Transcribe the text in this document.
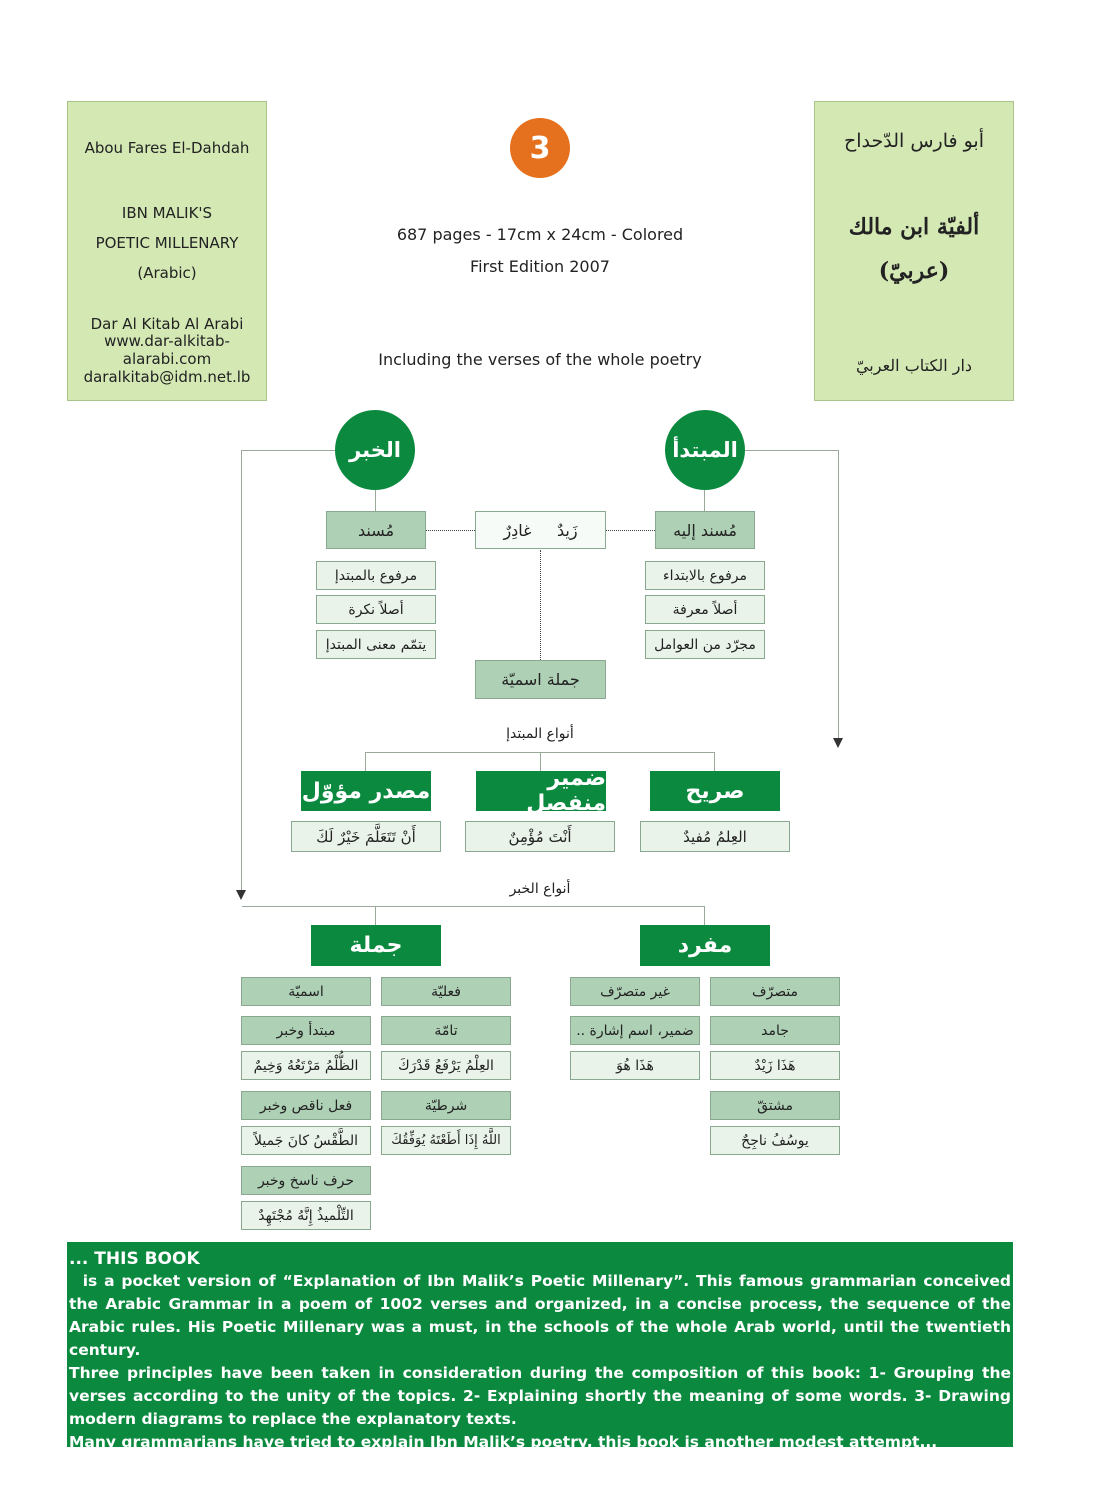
Abou Fares El-Dahdah
IBN MALIK'S
POETIC MILLENARY
(Arabic)
Dar Al Kitab Al Arabi
www.dar-alkitab-
alarabi.com
daralkitab@idm.net.lb
أبو فارس الدّحداح
ألفيّة ابن مالك
(عربيّ)
دار الكتاب العربيّ
3
687 pages - 17cm x 24cm - Colored
First Edition 2007
Including the verses of the whole poetry
الخبر	المبتدأ
مُسند	زَيدٌ     غادِرٌ	مُسند إليه
مرفوع بالمبتدإ
أصلاً نكرة
يتمّم معنى المبتدإ
مرفوع بالابتداء
أصلاً معرفة
مجرّد من العوامل
جملة اسميّة
أنواع المبتدإ
مصدر مؤوّل	ضمير منفصل	صريح
أَنْ تَتَعَلَّمَ خَيْرٌ لَكَ	أَنْتَ مُؤْمِنٌ	العِلمُ مُفيدٌ
أنواع الخبر
جملة	مفرد
اسميّة
مبتدأ وخبر
الظُّلْمُ مَرْتَعُهُ وَخِيمٌ
فعل ناقص وخبر
الطَّقْسُ كانَ جَميلاً
حرف ناسخ وخبر
التِّلْميذُ إِنَّهُ مُجْتَهِدٌ
فعليّة
تامّة
العِلْمُ يَرْفَعُ قَدْرَكَ
شرطيّة
اللَّهُ إِذَا أَطَعْتَهُ يُوَفِّقُكَ
غير متصرّف
ضمير، اسم إشارة ..
هَذَا هُوَ
متصرّف
جامد
هَذَا زَيْدٌ
مشتقّ
يوسُفُ ناجِحٌ
... THIS BOOK

is a pocket version of “Explanation of Ibn Malik’s Poetic Millenary”. This famous grammarian conceived the Arabic Grammar in a poem of 1002 verses and organized, in a concise process, the sequence of the Arabic rules. His Poetic Millenary was a must, in the schools of the whole Arab world, until the twentieth century.

Three principles have been taken in consideration during the composition of this book: 1- Grouping the verses according to the unity of the topics. 2- Explaining shortly the meaning of some words. 3- Drawing modern diagrams to replace the explanatory texts.

Many grammarians have tried to explain Ibn Malik’s poetry, this book is another modest attempt...
